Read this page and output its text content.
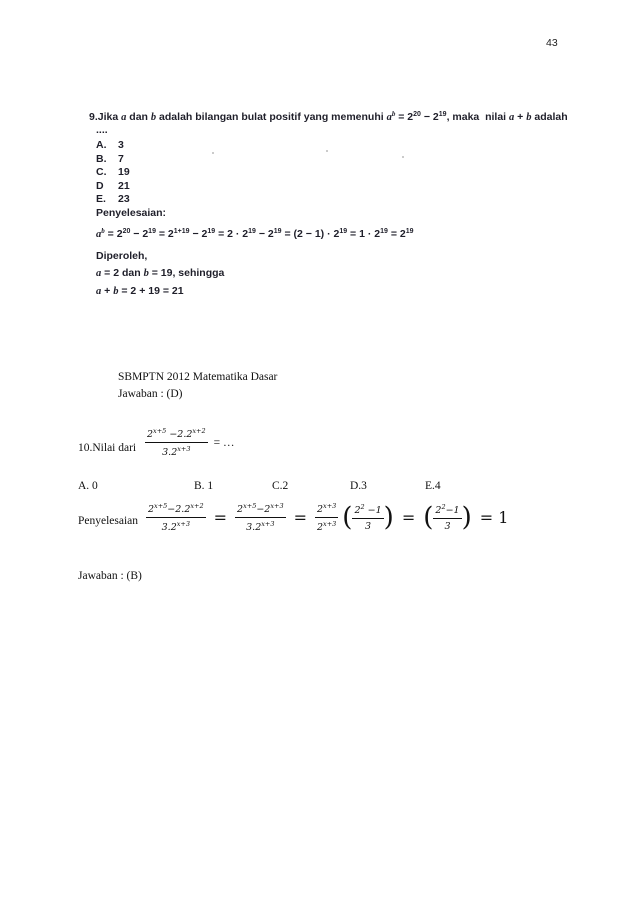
43
9.Jika a dan b adalah bilangan bulat positif yang memenuhi $a^b = 2^{20} - 2^{19}$, maka  nilai a + b adalah
....
A. 3
B. 7
C. 19
D 21
E. 23
Penyelesaian:
$a^b = 2^{20} - 2^{19} = 2^{1+19} - 2^{19} = 2 \cdot 2^{19} - 2^{19} = (2 - 1) \cdot 2^{19} = 1 \cdot 2^{19} = 2^{19}$
Diperoleh,
a = 2 dan b = 19, sehingga
a + b = 2 + 19 = 21
SBMPTN 2012 Matematika Dasar
Jawaban : (D)
10.Nilai dari $\frac{2^{x+5} -2.2^{x+2}}{3.2^{x+3}}$ = …
A. 0	B. 1	C.2	D.3	E.4
Penyelesaian $\frac{2^{x+5}-2.2^{x+2}}{3.2^{x+3}} = \frac{2^{x+5}-2^{x+3}}{3.2^{x+3}} = \frac{2^{x+3}}{2^{x+3}}$ ( $\frac{2^2 -1}{3}$ ) = ( $\frac{2^2-1}{3}$ ) = 1
Jawaban : (B)
